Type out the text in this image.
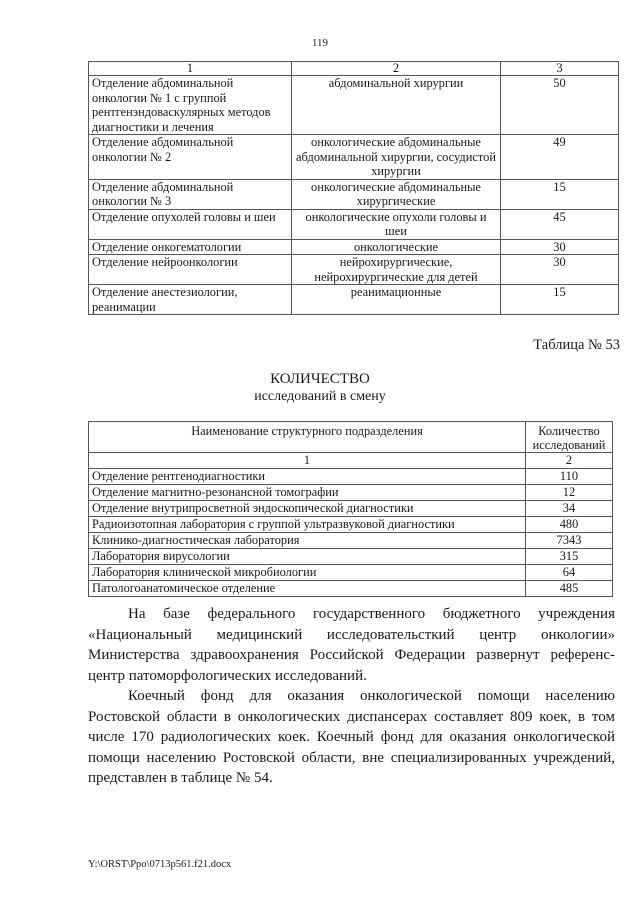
119
1	2	3
Отделение абдоминальной онкологии № 1 с группой рентгенэндоваскулярных методов диагностики и лечения	абдоминальной хирургии	50
Отделение абдоминальной онкологии № 2	онкологические абдоминальные абдоминальной хирургии, сосудистой хирургии	49
Отделение абдоминальной онкологии № 3	онкологические абдоминальные хирургические	15
Отделение опухолей головы и шеи	онкологические опухоли головы и шеи	45
Отделение онкогематологии	онкологические	30
Отделение нейроонкологии	нейрохирургические, нейрохирургические для детей	30
Отделение анестезиологии, реанимации	реанимационные	15
Таблица № 53
КОЛИЧЕСТВО
исследований в смену
Наименование структурного подразделения	Количество исследований
1	2
Отделение рентгенодиагностики	110
Отделение магнитно-резонансной томографии	12
Отделение внутрипросветной эндоскопической диагностики	34
Радиоизотопная лаборатория с группой ультразвуковой диагностики	480
Клинико-диагностическая лаборатория	7343
Лаборатория вирусологии	315
Лаборатория клинической микробиологии	64
Патологоанатомическое отделение	485
На базе федерального государственного бюджетного учреждения «Национальный медицинский исследовательсткий центр онкологии» Министерства здравоохранения Российской Федерации развернут референс-центр патоморфологических исследований.
Коечный фонд для оказания онкологической помощи населению Ростовской области в онкологических диспансерах составляет 809 коек, в том числе 170 радиологических коек. Коечный фонд для оказания онкологической помощи населению Ростовской области, вне специализированных учреждений, представлен в таблице № 54.
Y:\ORST\Ppo\0713p561.f21.docx
